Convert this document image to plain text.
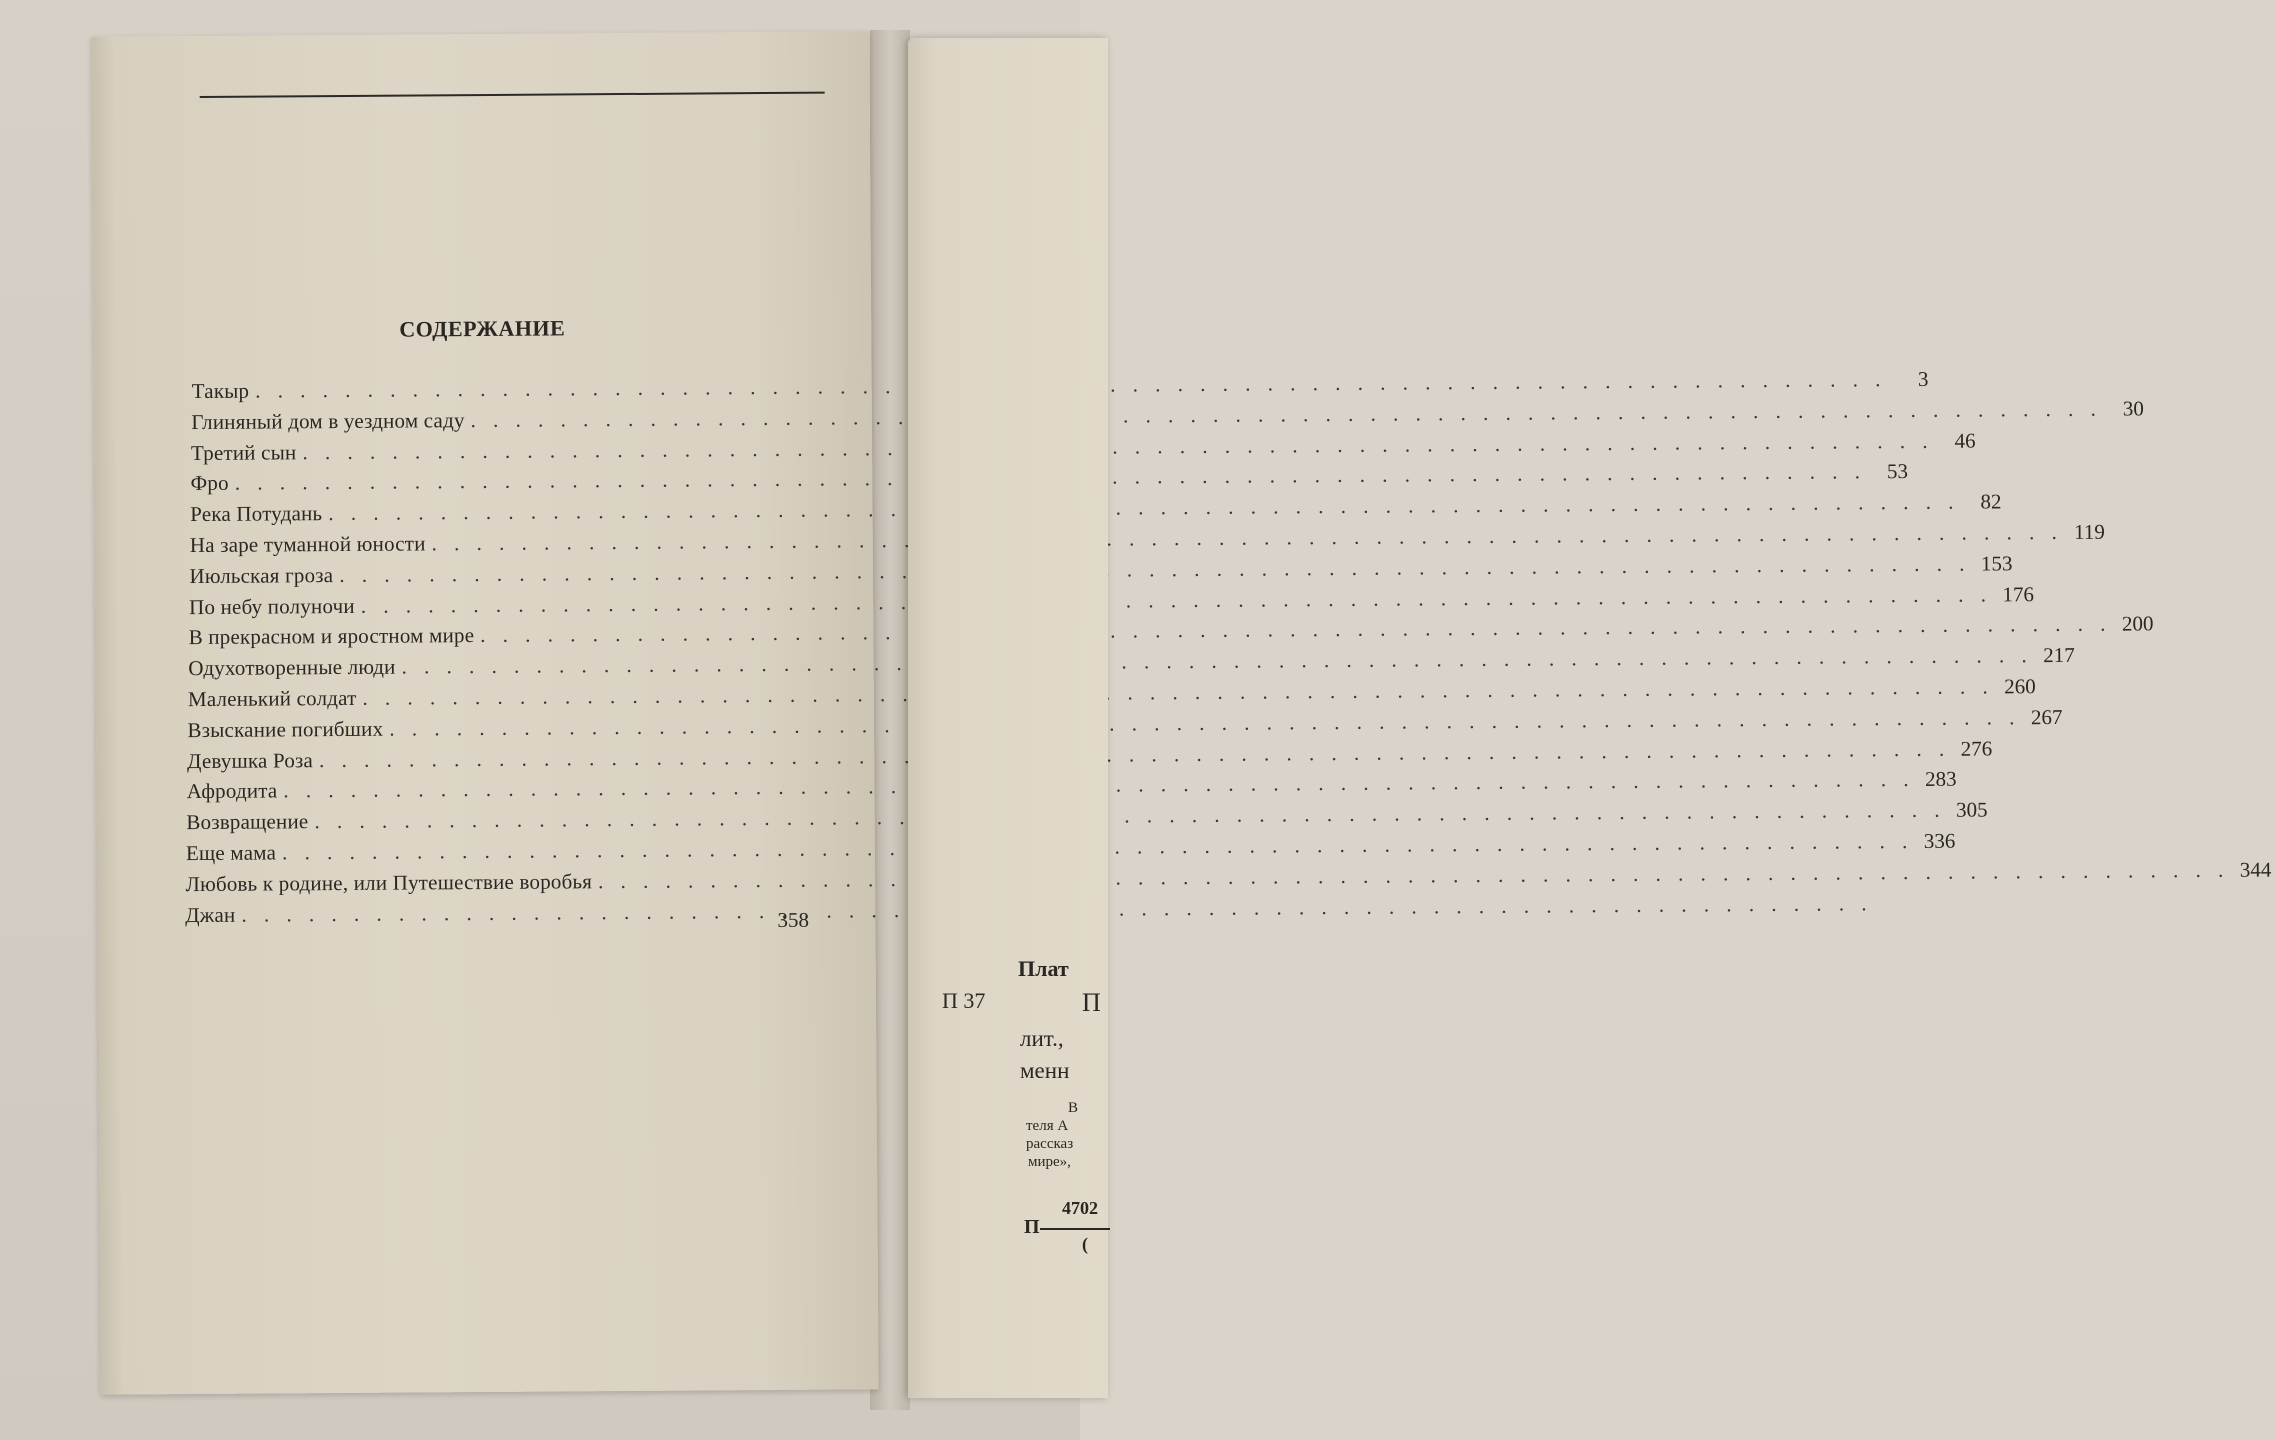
СОДЕРЖАНИЕ
Такыр . . .	3
Глиняный дом в уездном саду . . .	30
Третий сын . . .	46
Фро . . .	53
Река Потудань . . .	82
На заре туманной юности . . .	119
Июльская гроза . . .	153
По небу полуночи . . .	176
В прекрасном и яростном мире . . .	200
Одухотворенные люди . . .	217
Маленький солдат . . .	260
Взыскание погибших . . .	267
Девушка Роза . . .	276
Афродита . . .	283
Возвращение . . .	305
Еще мама . . .	336
Любовь к родине, или Путешествие воробья . . .	344
Джан . . .	358
Плат
П 37	П
лит.,
менн
В
теля А
рассказ
мире»,
4702
П
(
